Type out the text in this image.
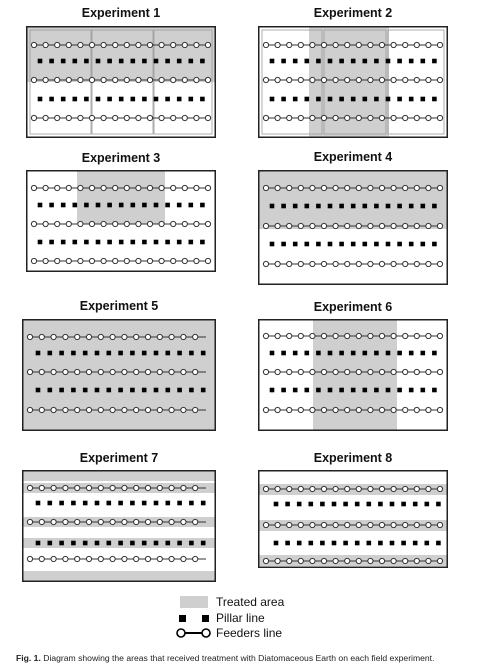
Experiment 1	Experiment 2
Experiment 3	Experiment 4
Experiment 5	Experiment 6
Experiment 7	Experiment 8
Treated area
Pillar line
Feeders line
Fig. 1. Diagram showing the areas that received treatment with Diatomaceous Earth on each field experiment.
